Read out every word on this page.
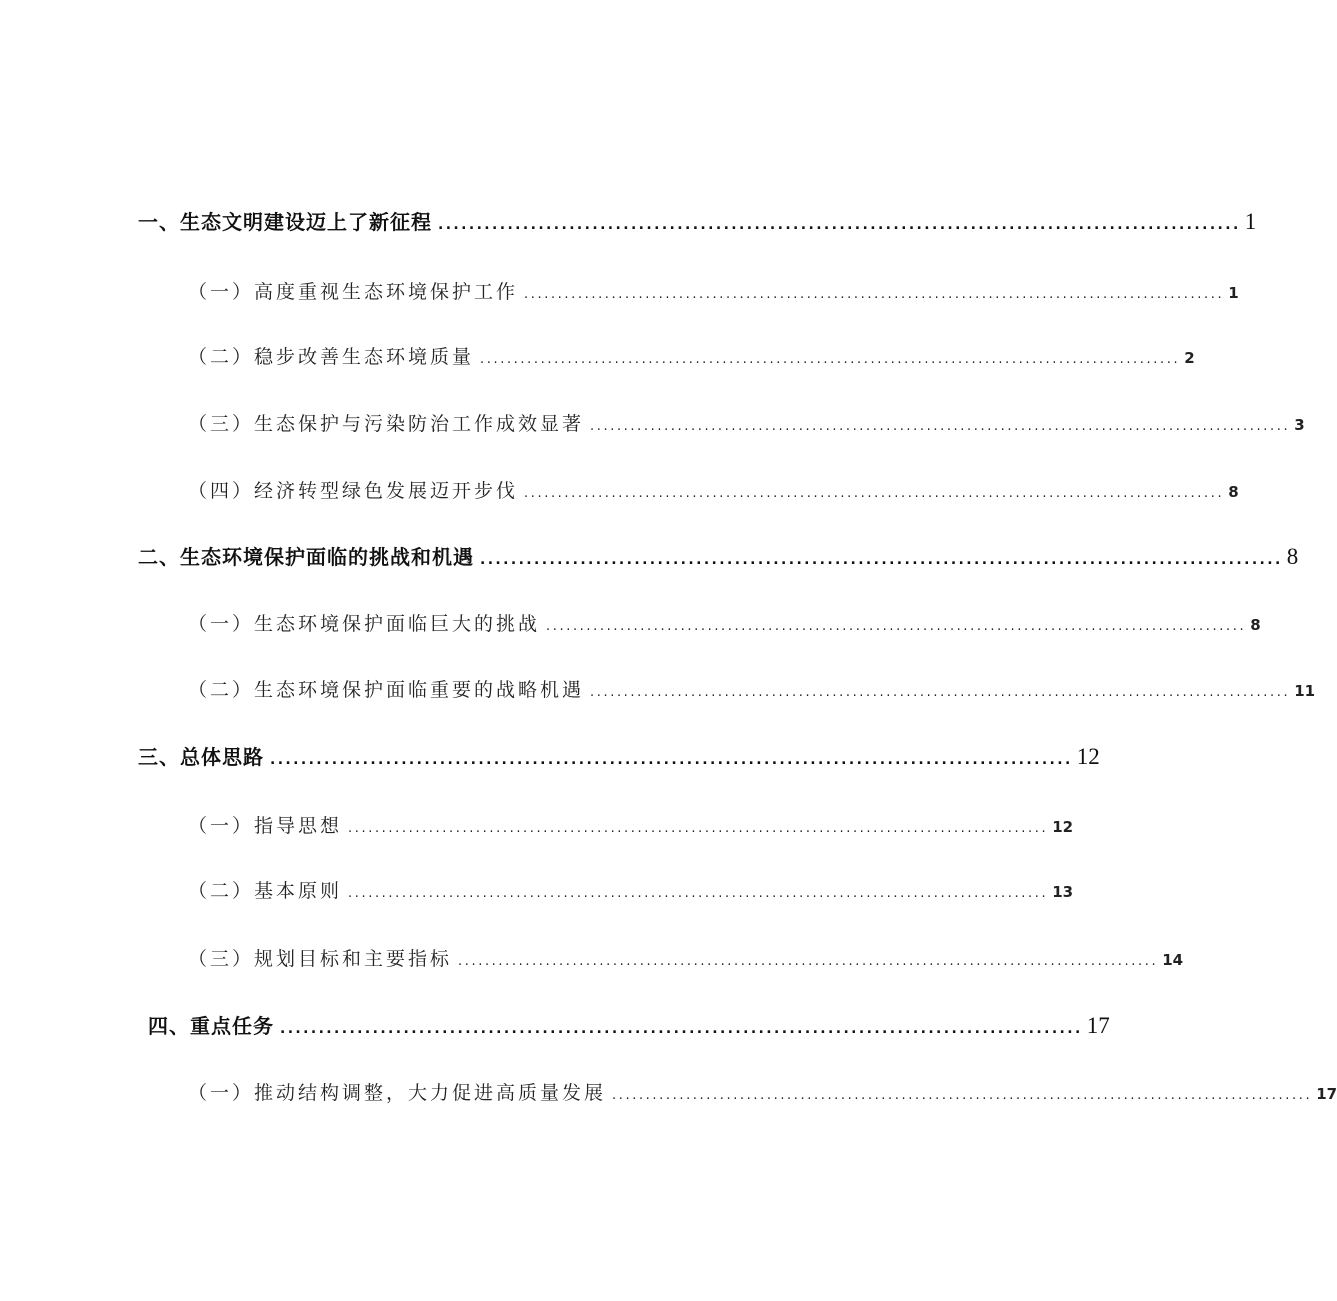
一、生态文明建设迈上了新征程 ........................................................................................................ 1
（一）高度重视生态环境保护工作 ........................................................................................................ 1
（二）稳步改善生态环境质量 ........................................................................................................ 2
（三）生态保护与污染防治工作成效显著 ........................................................................................................ 3
（四）经济转型绿色发展迈开步伐 ........................................................................................................ 8
二、生态环境保护面临的挑战和机遇 ........................................................................................................ 8
（一）生态环境保护面临巨大的挑战 ........................................................................................................ 8
（二）生态环境保护面临重要的战略机遇 ........................................................................................................ 11
三、总体思路 ........................................................................................................ 12
（一）指导思想 ........................................................................................................ 12
（二）基本原则 ........................................................................................................ 13
（三）规划目标和主要指标 ........................................................................................................ 14
四、重点任务 ........................................................................................................ 17
（一）推动结构调整，大力促进高质量发展 ........................................................................................................ 17
